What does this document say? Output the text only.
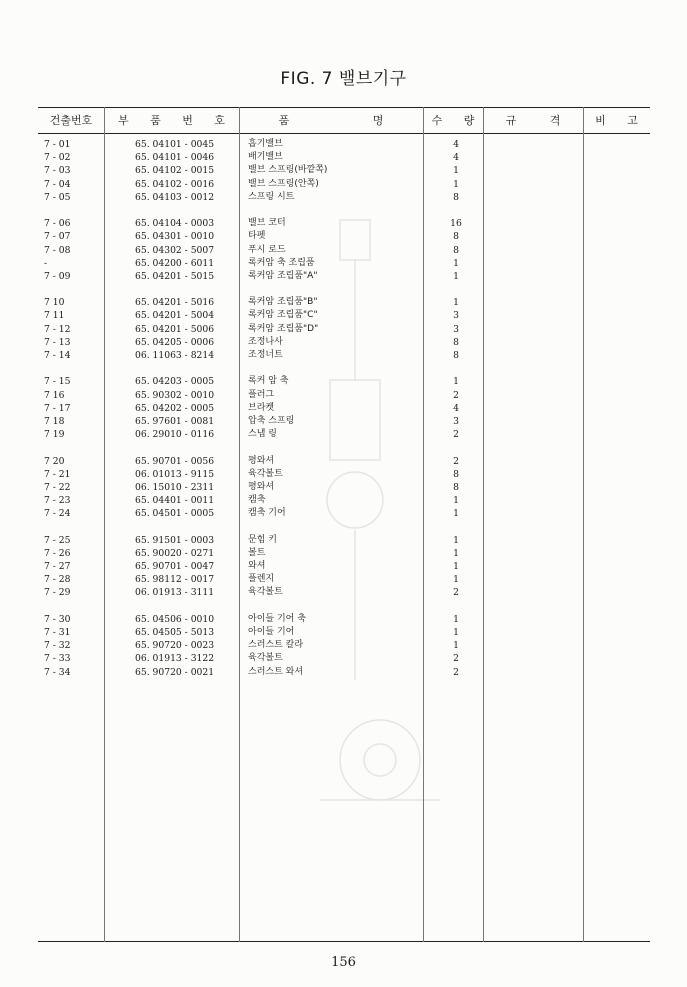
FIG. 7 밸브기구
건출번호	부 품 번 호	품 명	수 량	규 격	비 고
7 - 01	65. 04101 - 0045	흡기밸브	4
7 - 02	65. 04101 - 0046	배기밸브	4
7 - 03	65. 04102 - 0015	밸브 스프링(바깥쪽)	1
7 - 04	65. 04102 - 0016	밸브 스프링(안쪽)	1
7 - 05	65. 04103 - 0012	스프링 시트	8
7 - 06	65. 04104 - 0003	밸브 코터	16
7 - 07	65. 04301 - 0010	타펫	8
7 - 08	65. 04302 - 5007	푸시 로드	8
-	65. 04200 - 6011	록커암 축 조립품	1
7 - 09	65. 04201 - 5015	록커암 조립품"A"	1
7 10	65. 04201 - 5016	록커암 조립품"B"	1
7 11	65. 04201 - 5004	록커암 조립품"C"	3
7 - 12	65. 04201 - 5006	록커암 조립품"D"	3
7 - 13	65. 04205 - 0006	조정나사	8
7 - 14	06. 11063 - 8214	조정너트	8
7 - 15	65. 04203 - 0005	록커 암 축	1
7 16	65. 90302 - 0010	플러그	2
7 - 17	65. 04202 - 0005	브라켓	4
7 18	65. 97601 - 0081	압축 스프링	3
7 19	06. 29010 - 0116	스냅 링	2
7 20	65. 90701 - 0056	평와셔	2
7 - 21	06. 01013 - 9115	육각볼트	8
7 - 22	06. 15010 - 2311	평와셔	8
7 - 23	65. 04401 - 0011	캠축	1
7 - 24	65. 04501 - 0005	캠축 기어	1
7 - 25	65. 91501 - 0003	문힘 키	1
7 - 26	65. 90020 - 0271	볼트	1
7 - 27	65. 90701 - 0047	와셔	1
7 - 28	65. 98112 - 0017	플렌지	1
7 - 29	06. 01913 - 3111	육각볼트	2
7 - 30	65. 04506 - 0010	아이들 기어 축	1
7 - 31	65. 04505 - 5013	아이들 기어	1
7 - 32	65. 90720 - 0023	스러스트 칼라	1
7 - 33	06. 01913 - 3122	육각볼트	2
7 - 34	65. 90720 - 0021	스러스트 와셔	2
156
